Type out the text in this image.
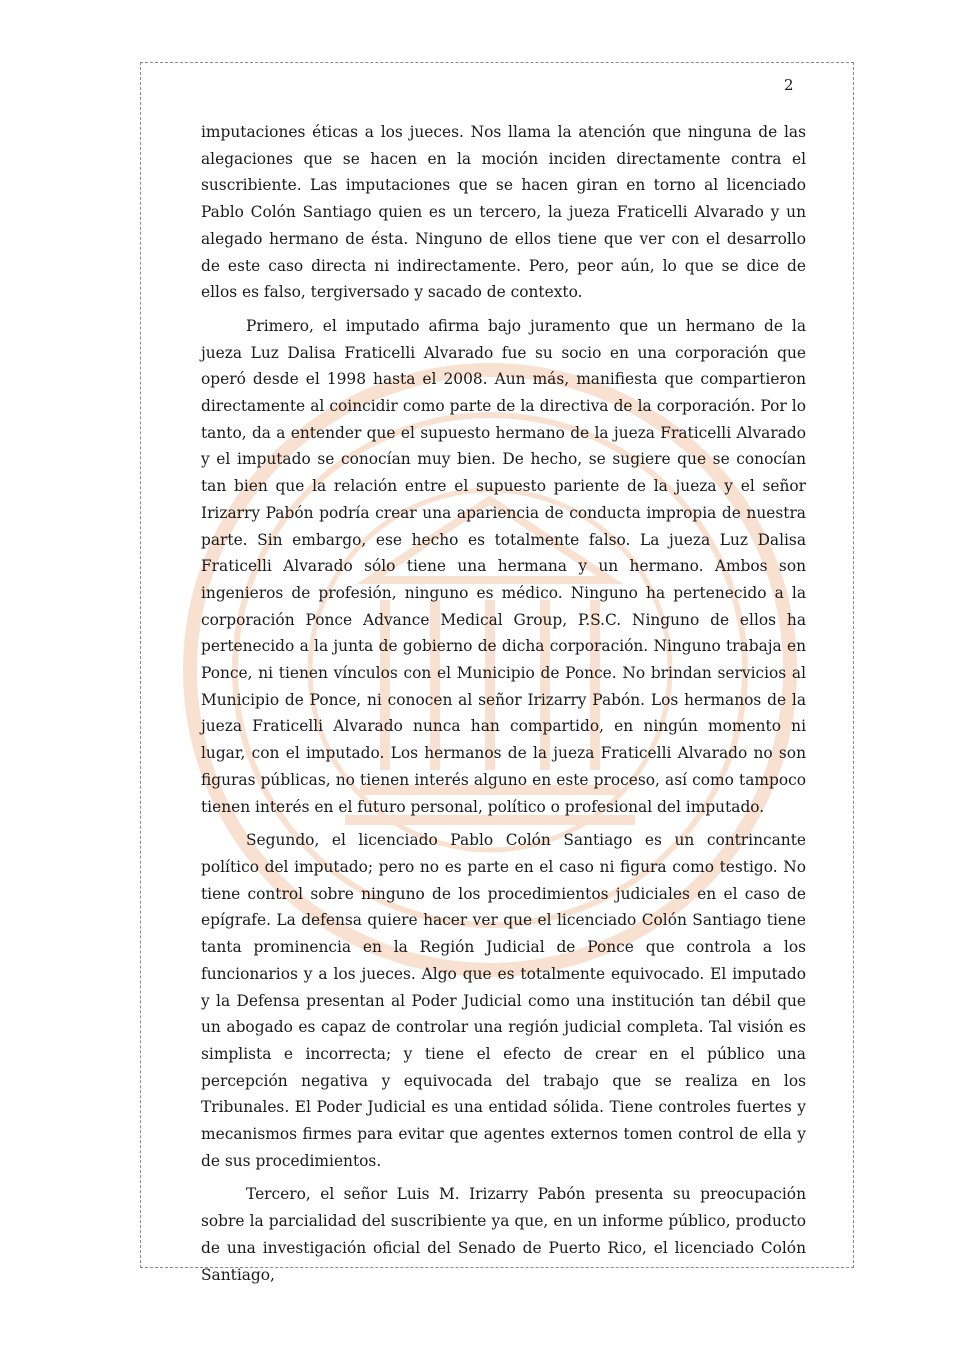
2

imputaciones éticas a los jueces. Nos llama la atención que ninguna de las alegaciones que se hacen en la moción inciden directamente contra el suscribiente. Las imputaciones que se hacen giran en torno al licenciado Pablo Colón Santiago quien es un tercero, la jueza Fraticelli Alvarado y un alegado hermano de ésta. Ninguno de ellos tiene que ver con el desarrollo de este caso directa ni indirectamente. Pero, peor aún, lo que se dice de ellos es falso, tergiversado y sacado de contexto.

Primero, el imputado afirma bajo juramento que un hermano de la jueza Luz Dalisa Fraticelli Alvarado fue su socio en una corporación que operó desde el 1998 hasta el 2008. Aun más, manifiesta que compartieron directamente al coincidir como parte de la directiva de la corporación. Por lo tanto, da a entender que el supuesto hermano de la jueza Fraticelli Alvarado y el imputado se conocían muy bien. De hecho, se sugiere que se conocían tan bien que la relación entre el supuesto pariente de la jueza y el señor Irizarry Pabón podría crear una apariencia de conducta impropia de nuestra parte. Sin embargo, ese hecho es totalmente falso. La jueza Luz Dalisa Fraticelli Alvarado sólo tiene una hermana y un hermano. Ambos son ingenieros de profesión, ninguno es médico. Ninguno ha pertenecido a la corporación Ponce Advance Medical Group, P.S.C. Ninguno de ellos ha pertenecido a la junta de gobierno de dicha corporación. Ninguno trabaja en Ponce, ni tienen vínculos con el Municipio de Ponce. No brindan servicios al Municipio de Ponce, ni conocen al señor Irizarry Pabón. Los hermanos de la jueza Fraticelli Alvarado nunca han compartido, en ningún momento ni lugar, con el imputado. Los hermanos de la jueza Fraticelli Alvarado no son figuras públicas, no tienen interés alguno en este proceso, así como tampoco tienen interés en el futuro personal, político o profesional del imputado.

Segundo, el licenciado Pablo Colón Santiago es un contrincante político del imputado; pero no es parte en el caso ni figura como testigo. No tiene control sobre ninguno de los procedimientos judiciales en el caso de epígrafe. La defensa quiere hacer ver que el licenciado Colón Santiago tiene tanta prominencia en la Región Judicial de Ponce que controla a los funcionarios y a los jueces. Algo que es totalmente equivocado. El imputado y la Defensa presentan al Poder Judicial como una institución tan débil que un abogado es capaz de controlar una región judicial completa. Tal visión es simplista e incorrecta; y tiene el efecto de crear en el público una percepción negativa y equivocada del trabajo que se realiza en los Tribunales. El Poder Judicial es una entidad sólida. Tiene controles fuertes y mecanismos firmes para evitar que agentes externos tomen control de ella y de sus procedimientos.

Tercero, el señor Luis M. Irizarry Pabón presenta su preocupación sobre la parcialidad del suscribiente ya que, en un informe público, producto de una investigación oficial del Senado de Puerto Rico, el licenciado Colón Santiago,
